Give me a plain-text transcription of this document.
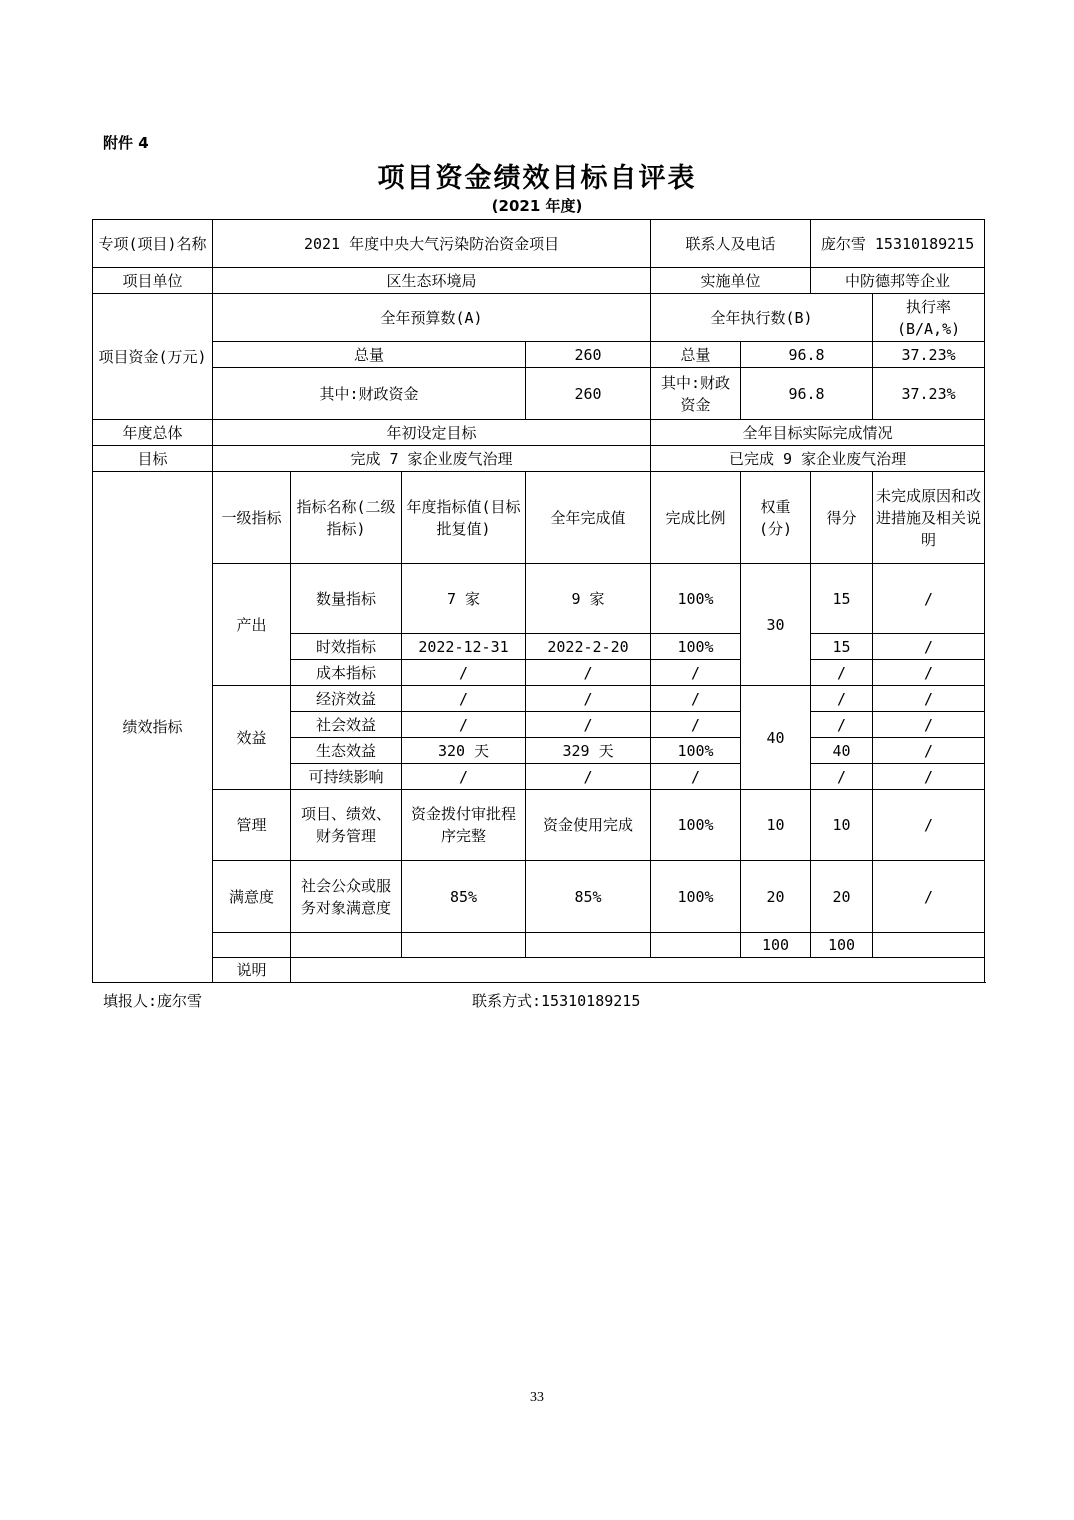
附件 4
项目资金绩效目标自评表
(2021 年度)
专项(项目)名称	2021 年度中央大气污染防治资金项目				联系人及电话		庞尔雪 15310189215	
项目单位	区生态环境局				实施单位		中防德邦等企业	
项目资金(万元)	全年预算数(A)				全年执行数(B)			执行率(B/A,%)
	总量			260	总量	96.8		37.23%
	其中:财政资金			260	其中:财政资金	96.8		37.23%
年度总体	年初设定目标				全年目标实际完成情况			
目标	完成 7 家企业废气治理				已完成 9 家企业废气治理			
绩效指标	一级指标	指标名称(二级指标)	年度指标值(目标批复值)	全年完成值	完成比例	权重(分)	得分	未完成原因和改进措施及相关说明
	产出	数量指标	7 家	9 家	100%	30	15	/
		时效指标	2022-12-31	2022-2-20	100%		15	/
		成本指标	/	/	/		/	/
	效益	经济效益	/	/	/	40	/	/
		社会效益	/	/	/		/	/
		生态效益	320 天	329 天	100%		40	/
		可持续影响	/	/	/		/	/
	管理	项目、绩效、财务管理	资金拨付审批程序完整	资金使用完成	100%	10	10	/
	满意度	社会公众或服务对象满意度	85%	85%	100%	20	20	/
						100	100	
	说明							
填报人:庞尔雪	联系方式:15310189215
33
